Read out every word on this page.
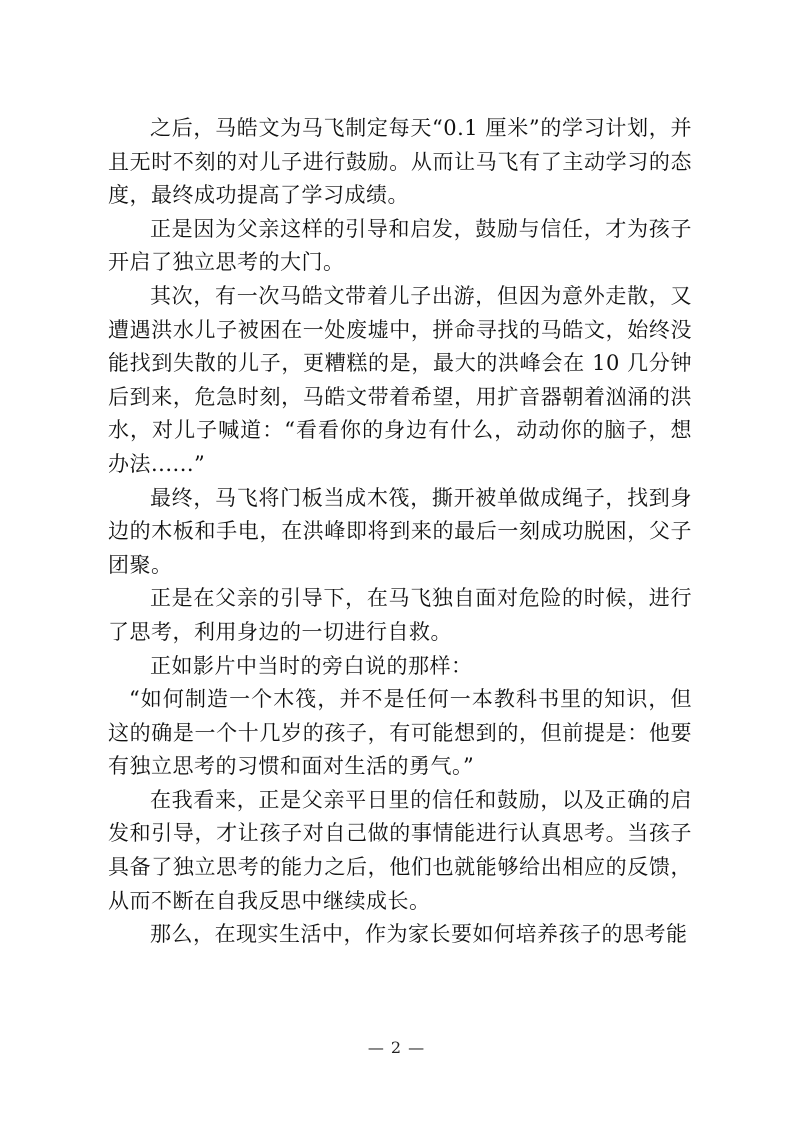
之后，马皓文为马飞制定每天“0.1 厘米”的学习计划，并且无时不刻的对儿子进行鼓励。从而让马飞有了主动学习的态度，最终成功提高了学习成绩。

正是因为父亲这样的引导和启发，鼓励与信任，才为孩子开启了独立思考的大门。

其次，有一次马皓文带着儿子出游，但因为意外走散，又遭遇洪水儿子被困在一处废墟中，拼命寻找的马皓文，始终没能找到失散的儿子，更糟糕的是，最大的洪峰会在 10 几分钟后到来，危急时刻，马皓文带着希望，用扩音器朝着汹涌的洪水，对儿子喊道：“看看你的身边有什么，动动你的脑子，想办法......”

最终，马飞将门板当成木筏，撕开被单做成绳子，找到身边的木板和手电，在洪峰即将到来的最后一刻成功脱困，父子团聚。

正是在父亲的引导下，在马飞独自面对危险的时候，进行了思考，利用身边的一切进行自救。

正如影片中当时的旁白说的那样：

“如何制造一个木筏，并不是任何一本教科书里的知识，但这的确是一个十几岁的孩子，有可能想到的，但前提是：他要有独立思考的习惯和面对生活的勇气。”

在我看来，正是父亲平日里的信任和鼓励，以及正确的启发和引导，才让孩子对自己做的事情能进行认真思考。当孩子具备了独立思考的能力之后，他们也就能够给出相应的反馈，从而不断在自我反思中继续成长。

那么，在现实生活中，作为家长要如何培养孩子的思考能

— 2 —
